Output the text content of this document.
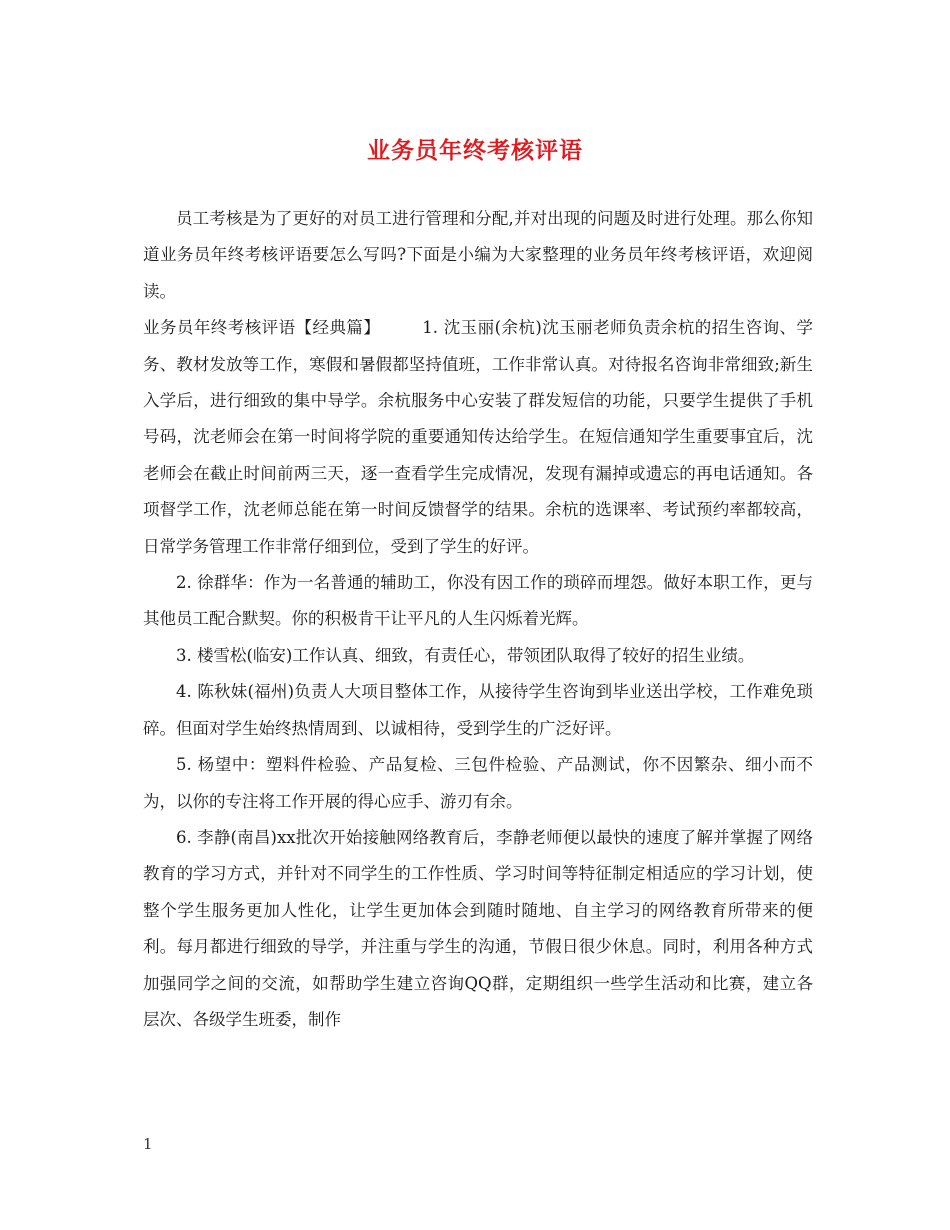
业务员年终考核评语

员工考核是为了更好的对员工进行管理和分配,并对出现的问题及时进行处理。那么你知道业务员年终考核评语要怎么写吗?下面是小编为大家整理的业务员年终考核评语，欢迎阅读。

业务员年终考核评语【经典篇】	1. 沈玉丽(余杭)沈玉丽老师负责余杭的招生咨询、学务、教材发放等工作，寒假和暑假都坚持值班，工作非常认真。对待报名咨询非常细致;新生入学后，进行细致的集中导学。余杭服务中心安装了群发短信的功能，只要学生提供了手机号码，沈老师会在第一时间将学院的重要通知传达给学生。在短信通知学生重要事宜后，沈老师会在截止时间前两三天，逐一查看学生完成情况，发现有漏掉或遗忘的再电话通知。各项督学工作，沈老师总能在第一时间反馈督学的结果。余杭的选课率、考试预约率都较高，日常学务管理工作非常仔细到位，受到了学生的好评。

2. 徐群华：作为一名普通的辅助工，你没有因工作的琐碎而埋怨。做好本职工作，更与其他员工配合默契。你的积极肯干让平凡的人生闪烁着光辉。

3. 楼雪松(临安)工作认真、细致，有责任心，带领团队取得了较好的招生业绩。

4. 陈秋妹(福州)负责人大项目整体工作，从接待学生咨询到毕业送出学校，工作难免琐碎。但面对学生始终热情周到、以诚相待，受到学生的广泛好评。

5. 杨望中：塑料件检验、产品复检、三包件检验、产品测试，你不因繁杂、细小而不为，以你的专注将工作开展的得心应手、游刃有余。

6. 李静(南昌)xx批次开始接触网络教育后，李静老师便以最快的速度了解并掌握了网络教育的学习方式，并针对不同学生的工作性质、学习时间等特征制定相适应的学习计划，使整个学生服务更加人性化，让学生更加体会到随时随地、自主学习的网络教育所带来的便利。每月都进行细致的导学，并注重与学生的沟通，节假日很少休息。同时，利用各种方式加强同学之间的交流，如帮助学生建立咨询QQ群，定期组织一些学生活动和比赛，建立各层次、各级学生班委，制作

1
